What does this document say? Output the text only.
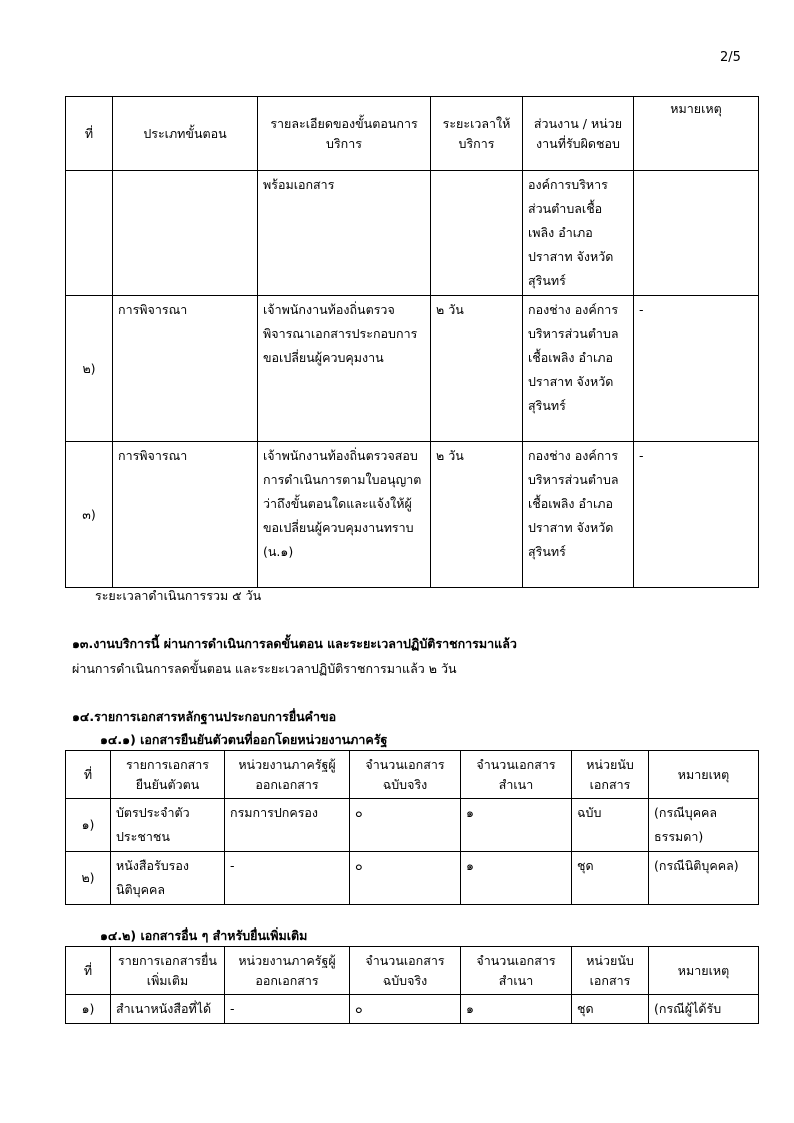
2/5
ที่	ประเภทขั้นตอน	รายละเอียดของขั้นตอนการบริการ	ระยะเวลาให้บริการ	ส่วนงาน / หน่วยงานที่รับผิดชอบ	หมายเหตุ
		พร้อมเอกสาร		องค์การบริหารส่วนตำบลเชื้อเพลิง อำเภอปราสาท จังหวัดสุรินทร์	
๒)	การพิจารณา	เจ้าพนักงานท้องถิ่นตรวจพิจารณาเอกสารประกอบการขอเปลี่ยนผู้ควบคุมงาน	๒ วัน	กองช่าง องค์การบริหารส่วนตำบลเชื้อเพลิง อำเภอปราสาท จังหวัดสุรินทร์	-
๓)	การพิจารณา	เจ้าพนักงานท้องถิ่นตรวจสอบการดำเนินการตามใบอนุญาตว่าถึงขั้นตอนใดและแจ้งให้ผู้ขอเปลี่ยนผู้ควบคุมงานทราบ (น.๑)	๒ วัน	กองช่าง องค์การบริหารส่วนตำบลเชื้อเพลิง อำเภอปราสาท จังหวัดสุรินทร์	-
ระยะเวลาดำเนินการรวม ๕ วัน
๑๓.งานบริการนี้ ผ่านการดำเนินการลดขั้นตอน และระยะเวลาปฏิบัติราชการมาแล้ว
ผ่านการดำเนินการลดขั้นตอน และระยะเวลาปฏิบัติราชการมาแล้ว ๒ วัน
๑๔.รายการเอกสารหลักฐานประกอบการยื่นคำขอ
๑๔.๑) เอกสารยืนยันตัวตนที่ออกโดยหน่วยงานภาครัฐ
ที่	รายการเอกสารยืนยันตัวตน	หน่วยงานภาครัฐผู้ออกเอกสาร	จำนวนเอกสารฉบับจริง	จำนวนเอกสารสำเนา	หน่วยนับเอกสาร	หมายเหตุ
๑)	บัตรประจำตัวประชาชน	กรมการปกครอง	๐	๑	ฉบับ	(กรณีบุคคลธรรมดา)
๒)	หนังสือรับรองนิติบุคคล	-	๐	๑	ชุด	(กรณีนิติบุคคล)
๑๔.๒) เอกสารอื่น ๆ สำหรับยื่นเพิ่มเติม
ที่	รายการเอกสารยื่นเพิ่มเติม	หน่วยงานภาครัฐผู้ออกเอกสาร	จำนวนเอกสารฉบับจริง	จำนวนเอกสารสำเนา	หน่วยนับเอกสาร	หมายเหตุ
๑)	สำเนาหนังสือที่ได้	-	๐	๑	ชุด	(กรณีผู้ได้รับ
